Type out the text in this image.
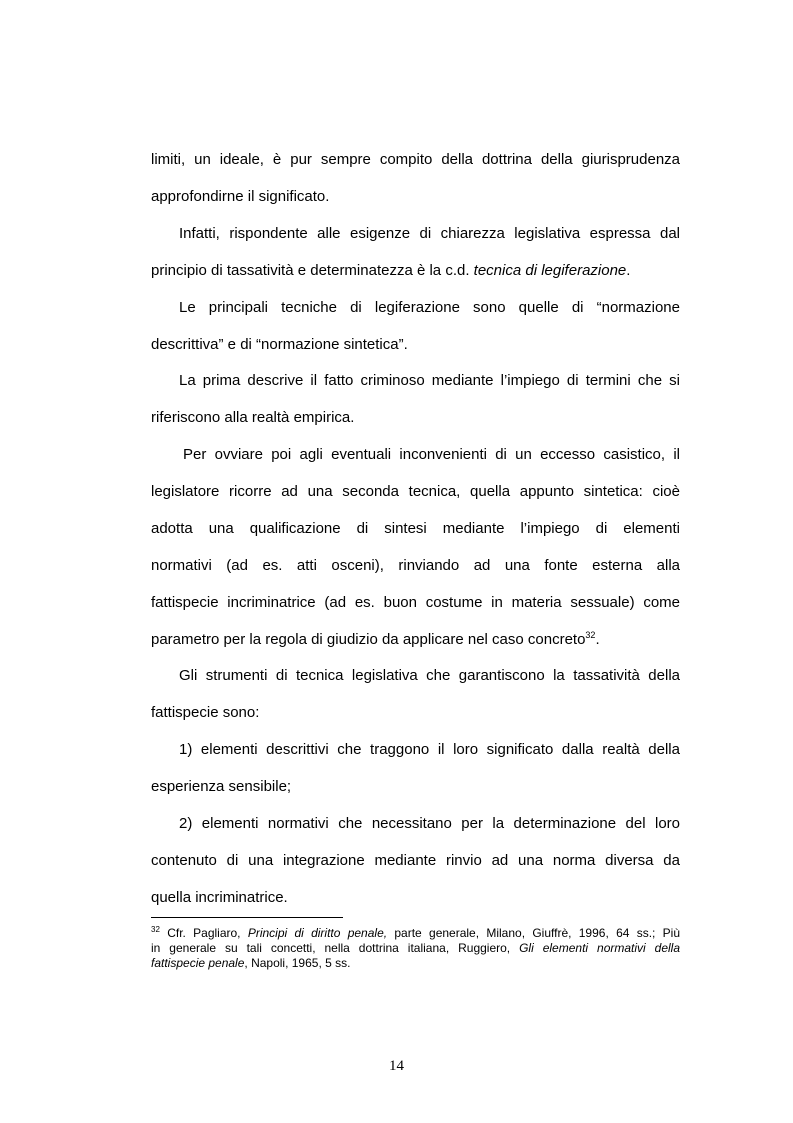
limiti, un ideale, è pur sempre compito della dottrina della giurisprudenza
approfondirne il significato.
Infatti, rispondente alle esigenze di chiarezza legislativa espressa dal
principio di tassatività e determinatezza è la c.d. tecnica di legiferazione.
Le principali tecniche di legiferazione sono quelle di “normazione
descrittiva” e di “normazione sintetica”.
La prima descrive il fatto criminoso mediante l’impiego di termini che si
riferiscono alla realtà empirica.
Per ovviare poi agli eventuali inconvenienti di un eccesso casistico, il
legislatore ricorre ad una seconda tecnica, quella appunto sintetica: cioè
adotta una qualificazione di sintesi mediante l’impiego di elementi
normativi (ad es. atti osceni), rinviando ad una fonte esterna alla
fattispecie incriminatrice (ad es. buon costume in materia sessuale) come
parametro per la regola di giudizio da applicare nel caso concreto$^{32}$.
Gli strumenti di tecnica legislativa che garantiscono la tassatività della
fattispecie sono:
1) elementi descrittivi che traggono il loro significato dalla realtà della
esperienza sensibile;
2) elementi normativi che necessitano per la determinazione del loro
contenuto di una integrazione mediante rinvio ad una norma diversa da
quella incriminatrice.
$^{32}$ Cfr. Pagliaro, Principi di diritto penale, parte generale, Milano, Giuffrè, 1996, 64 ss.; Più
in generale su tali concetti, nella dottrina italiana, Ruggiero, Gli elementi normativi della
fattispecie penale, Napoli, 1965, 5 ss.
14
